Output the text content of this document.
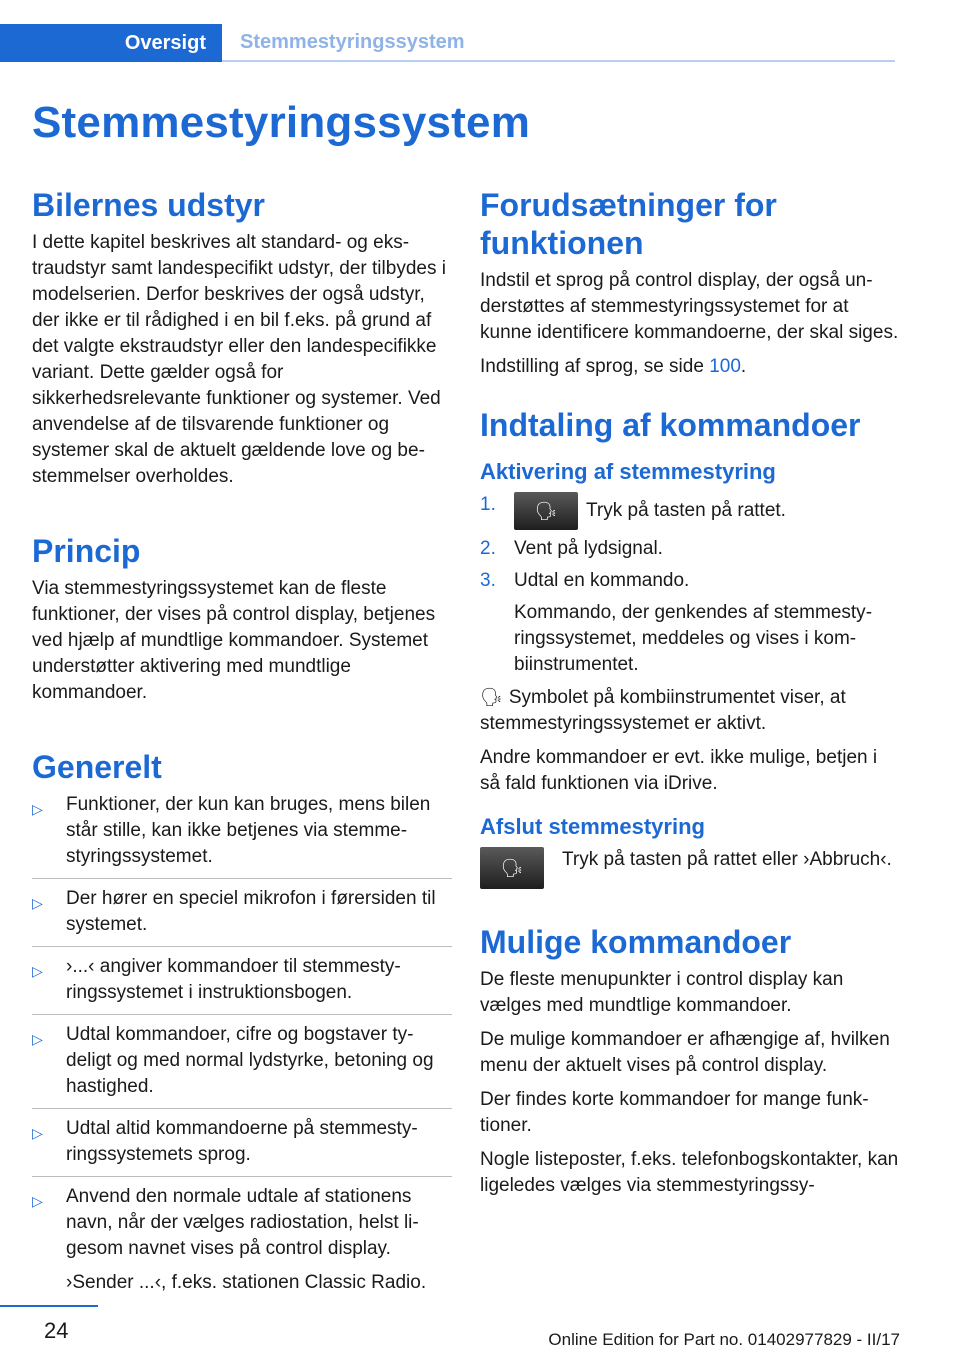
Oversigt	Stemmestyringssystem
Stemmestyringssystem
Bilernes udstyr

I dette kapitel beskrives alt standard- og ekstraudstyr samt landespecifikt udstyr, der tilbydes i modelserien. Derfor beskrives der også udstyr, der ikke er til rådighed i en bil f.eks. på grund af det valgte ekstraudstyr eller den landespecifikke variant. Dette gælder også for sikkerhedsrelevante funktioner og systemer. Ved anvendelse af de tilsvarende funktioner og systemer skal de aktuelt gældende love og bestemmelser overholdes.

Princip

Via stemmestyringssystemet kan de fleste funktioner, der vises på control display, betjenes ved hjælp af mundtlige kommandoer. Systemet understøtter aktivering med mundtlige kommandoer.

Generelt
▷ Funktioner, der kun kan bruges, mens bilen står stille, kan ikke betjenes via stemmestyringssystemet.
▷ Der hører en speciel mikrofon i førersiden til systemet.
▷ ›...‹ angiver kommandoer til stemmestyringssystemet i instruktionsbogen.
▷ Udtal kommandoer, cifre og bogstaver tydeligt og med normal lydstyrke, betoning og hastighed.
▷ Udtal altid kommandoerne på stemmestyringssystemets sprog.
▷ Anvend den normale udtale af stationens navn, når der vælges radiostation, helst ligesom navnet vises på control display.
›Sender ...‹, f.eks. stationen Classic Radio.
Forudsætninger for funktionen

Indstil et sprog på control display, der også understøttes af stemmestyringssystemet for at kunne identificere kommandoerne, der skal siges.

Indstilling af sprog, se side 100.

Indtaling af kommandoer
Aktivering af stemmestyring
1. 🗣 Tryk på tasten på rattet.
2. Vent på lydsignal.
3. Udtal en kommando.
Kommando, der genkendes af stemmestyringssystemet, meddeles og vises i kombiinstrumentet.

🗣 Symbolet på kombiinstrumentet viser, at stemmestyringssystemet er aktivt.

Andre kommandoer er evt. ikke mulige, betjen i så fald funktionen via iDrive.

Afslut stemmestyring
🗣	Tryk på tasten på rattet eller ›Abbruch‹.
Mulige kommandoer

De fleste menupunkter i control display kan vælges med mundtlige kommandoer.

De mulige kommandoer er afhængige af, hvilken menu der aktuelt vises på control display.

Der findes korte kommandoer for mange funktioner.

Nogle listeposter, f.eks. telefonbogskontakter, kan ligeledes vælges via stemmestyringssy-

24	Online Edition for Part no. 01402977829 - II/17
